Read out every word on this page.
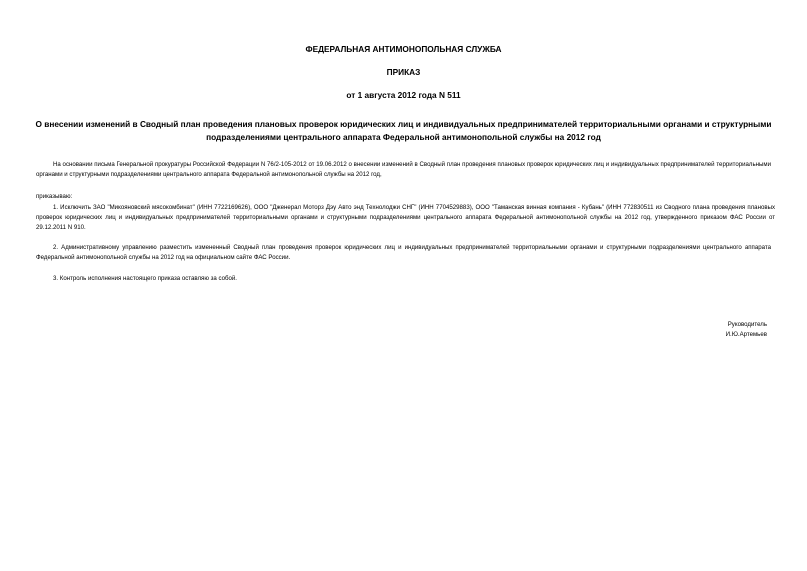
ФЕДЕРАЛЬНАЯ АНТИМОНОПОЛЬНАЯ СЛУЖБА
ПРИКАЗ
от 1 августа 2012 года N 511
О внесении изменений в Сводный план проведения плановых проверок юридических лиц и индивидуальных предпринимателей территориальными органами и структурными подразделениями центрального аппарата Федеральной антимонопольной службы на 2012 год
На основании письма Генеральной прокуратуры Российской Федерации N 76/2-105-2012 от 19.06.2012 о внесении изменений в Сводный план проведения плановых проверок юридических лиц и индивидуальных предпринимателей территориальными органами и структурными подразделениями центрального аппарата Федеральной антимонопольной службы на 2012 год,
приказываю:
1. Исключить ЗАО "Микояновский мясокомбинат" (ИНН 7722169626), ООО "Дженерал Моторз Дэу Авто энд Технолоджи СНГ" (ИНН 7704529883), ООО "Таманская винная компания - Кубань" (ИНН 772830511 из Сводного плана проведения плановых проверок юридических лиц и индивидуальных предпринимателей территориальными органами и структурными подразделениями центрального аппарата Федеральной антимонопольной службы на 2012 год, утвержденного приказом ФАС России от 29.12.2011 N 910.
2. Административному управлению разместить измененный Сводный план проведения проверок юридических лиц и индивидуальных предпринимателей территориальными органами и структурными подразделениями центрального аппарата Федеральной антимонопольной службы на 2012 год на официальном сайте ФАС России.
3. Контроль исполнения настоящего приказа оставляю за собой.
Руководитель
И.Ю.Артемьев
